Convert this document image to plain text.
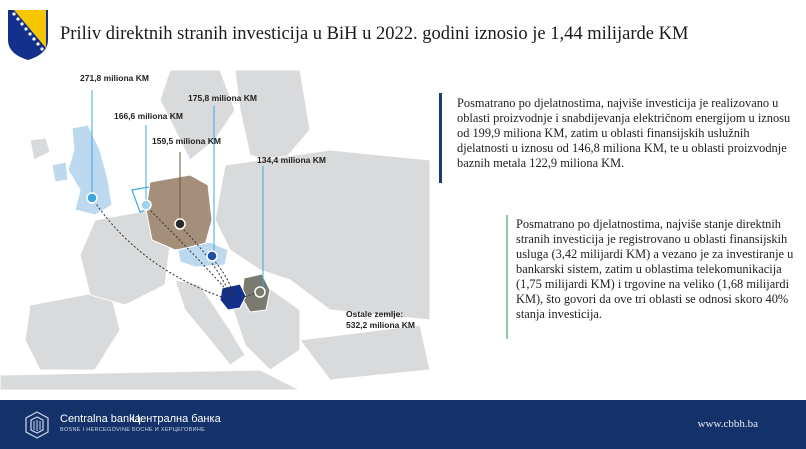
Priliv direktnih stranih investicija u BiH u 2022. godini iznosio je 1,44 milijarde KM
271,8 miliona KM
166,6 miliona KM
159,5 miliona KM
175,8 miliona KM
134,4 miliona KM
Ostale zemlje:
532,2 miliona KM
Posmatrano po djelatnostima, najviše investicija je realizovano u oblasti proizvodnje i snabdijevanja električnom energijom u iznosu od 199,9 miliona KM, zatim u oblasti finansijskih uslužnih djelatnosti u iznosu od 146,8 miliona KM, te u oblasti proizvodnje baznih metala 122,9 miliona KM.
Posmatrano po djelatnostima, najviše stanje direktnih stranih investicija je registrovano u oblasti finansijskih usluga (3,42 milijardi KM) a vezano je za investiranje u bankarski sistem, zatim u oblastima telekomunikacija (1,75 milijardi KM) i trgovine na veliko (1,68 milijardi KM), što govori da ove tri oblasti se odnosi skoro 40% stanja investicija.
Centralna banka
BOSNE I HERCEGOVINE
Централна банка
БОСНЕ И ХЕРЦЕГОВИНЕ	www.cbbh.ba
